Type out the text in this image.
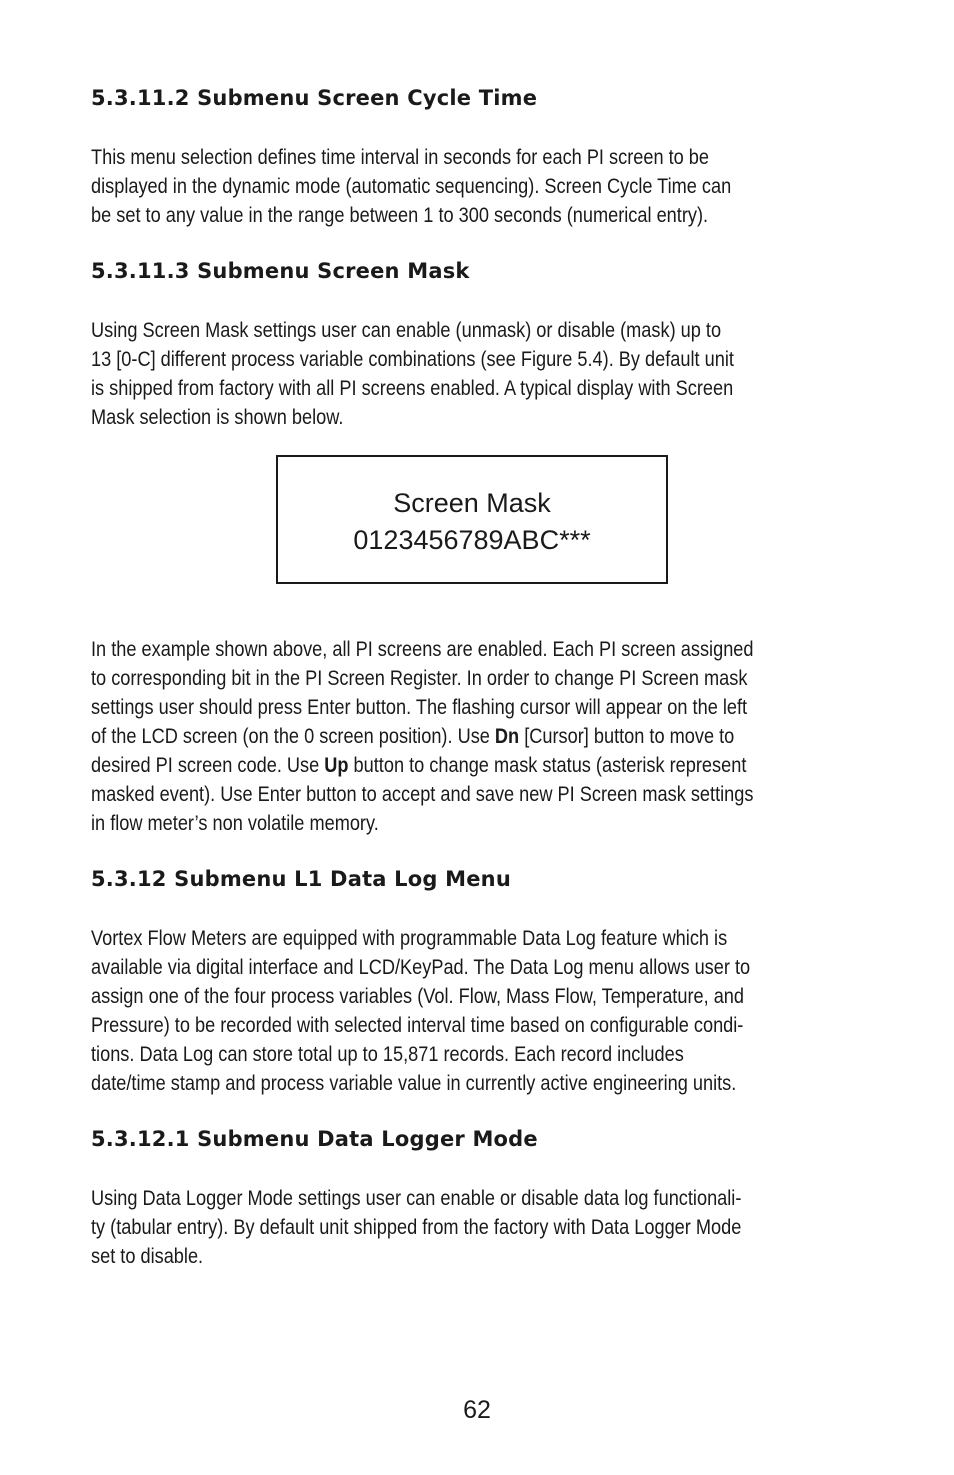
5.3.11.2 Submenu Screen Cycle Time
This menu selection defines time interval in seconds for each PI screen to be
displayed in the dynamic mode (automatic sequencing). Screen Cycle Time can
be set to any value in the range between 1 to 300 seconds (numerical entry).
5.3.11.3 Submenu Screen Mask
Using Screen Mask settings user can enable (unmask) or disable (mask) up to
13 [0-C] different process variable combinations (see Figure 5.4). By default unit
is shipped from factory with all PI screens enabled. A typical display with Screen
Mask selection is shown below.
Screen Mask
0123456789ABC***
In the example shown above, all PI screens are enabled. Each PI screen assigned
to corresponding bit in the PI Screen Register. In order to change PI Screen mask
settings user should press Enter button. The flashing cursor will appear on the left
of the LCD screen (on the 0 screen position). Use Dn [Cursor] button to move to
desired PI screen code. Use Up button to change mask status (asterisk represent
masked event). Use Enter button to accept and save new PI Screen mask settings
in flow meter’s non volatile memory.
5.3.12 Submenu L1 Data Log Menu
Vortex Flow Meters are equipped with programmable Data Log feature which is
available via digital interface and LCD/KeyPad. The Data Log menu allows user to
assign one of the four process variables (Vol. Flow, Mass Flow, Temperature, and
Pressure) to be recorded with selected interval time based on configurable condi-
tions. Data Log can store total up to 15,871 records. Each record includes
date/time stamp and process variable value in currently active engineering units.
5.3.12.1 Submenu Data Logger Mode
Using Data Logger Mode settings user can enable or disable data log functionali-
ty (tabular entry). By default unit shipped from the factory with Data Logger Mode
set to disable.
62
